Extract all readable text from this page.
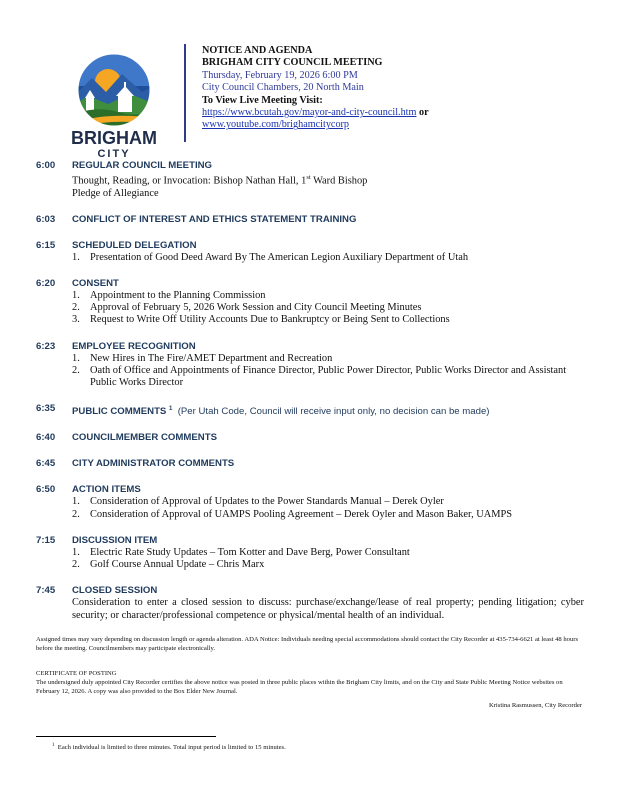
BRIGHAM
CITY
NOTICE AND AGENDA
BRIGHAM CITY COUNCIL MEETING
Thursday, February 19, 2026 6:00 PM
City Council Chambers, 20 North Main
To View Live Meeting Visit:
https://www.bcutah.gov/mayor-and-city-council.htm or
www.youtube.com/brighamcitycorp
6:00 REGULAR COUNCIL MEETING
Thought, Reading, or Invocation: Bishop Nathan Hall, 1st Ward Bishop
Pledge of Allegiance
6:03 CONFLICT OF INTEREST AND ETHICS STATEMENT TRAINING
6:15 SCHEDULED DELEGATION
1. Presentation of Good Deed Award By The American Legion Auxiliary Department of Utah
6:20 CONSENT
1. Appointment to the Planning Commission
2. Approval of February 5, 2026 Work Session and City Council Meeting Minutes
3. Request to Write Off Utility Accounts Due to Bankruptcy or Being Sent to Collections
6:23 EMPLOYEE RECOGNITION
1. New Hires in The Fire/AMET Department and Recreation
2. Oath of Office and Appointments of Finance Director, Public Power Director, Public Works Director and Assistant Public Works Director
6:35 PUBLIC COMMENTS $^1$ (Per Utah Code, Council will receive input only, no decision can be made)
6:40 COUNCILMEMBER COMMENTS
6:45 CITY ADMINISTRATOR COMMENTS
6:50 ACTION ITEMS
1. Consideration of Approval of Updates to the Power Standards Manual – Derek Oyler
2. Consideration of Approval of UAMPS Pooling Agreement – Derek Oyler and Mason Baker, UAMPS
7:15 DISCUSSION ITEM
1. Electric Rate Study Updates – Tom Kotter and Dave Berg, Power Consultant
2. Golf Course Annual Update – Chris Marx
7:45 CLOSED SESSION
Consideration to enter a closed session to discuss: purchase/exchange/lease of real property; pending litigation; cyber security; or character/professional competence or physical/mental health of an individual.
Assigned times may vary depending on discussion length or agenda alteration. ADA Notice: Individuals needing special accommodations should contact the City Recorder at 435-734-6621 at least 48 hours before the meeting. Councilmembers may participate electronically.
CERTIFICATE OF POSTING
The undersigned duly appointed City Recorder certifies the above notice was posted in three public places within the Brigham City limits, and on the City and State Public Meeting Notice websites on February 12, 2026. A copy was also provided to the Box Elder New Journal.
Kristina Rasmussen, City Recorder
$^1$ Each individual is limited to three minutes. Total input period is limited to 15 minutes.
